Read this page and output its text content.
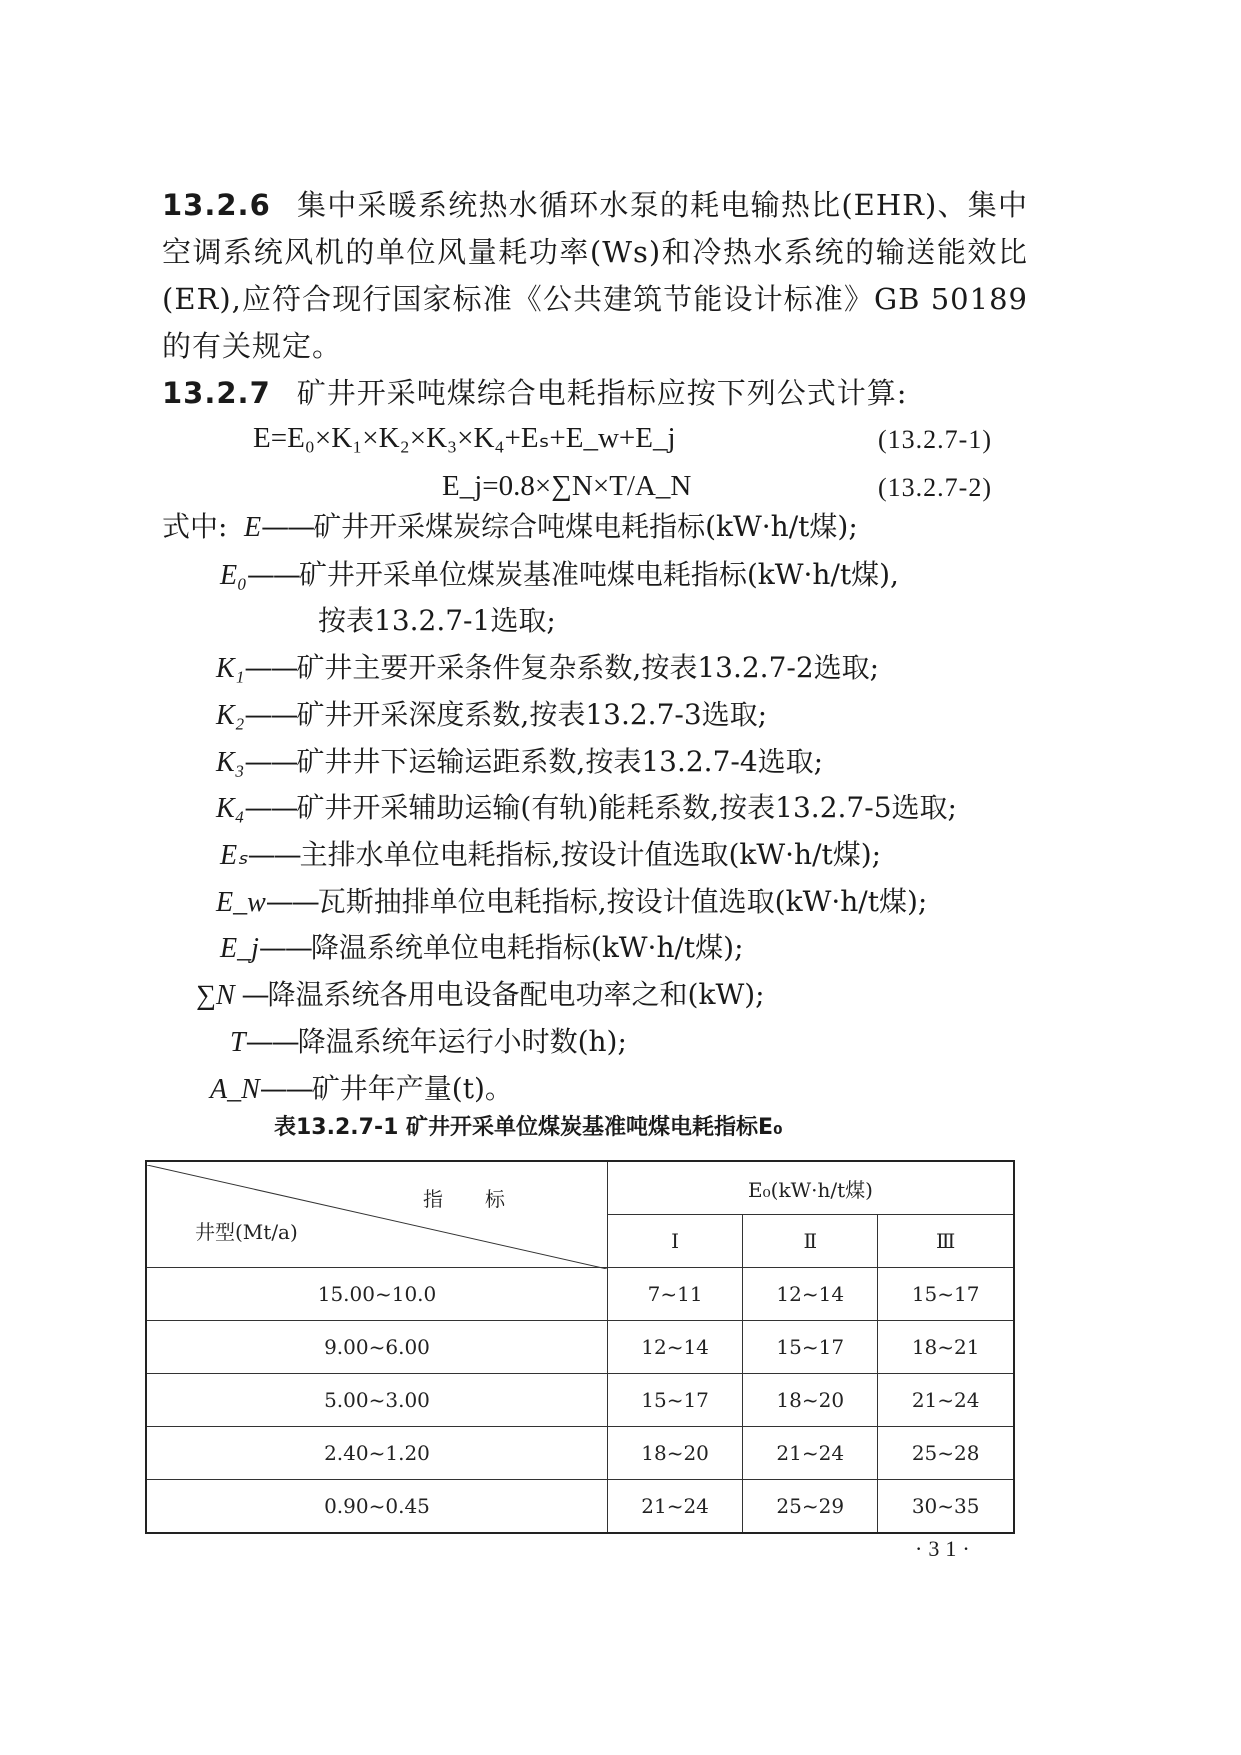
13.2.6 集中采暖系统热水循环水泵的耗电输热比(EHR)、集中空调系统风机的单位风量耗功率(Ws)和冷热水系统的输送能效比(ER),应符合现行国家标准《公共建筑节能设计标准》GB 50189的有关规定。
13.2.7 矿井开采吨煤综合电耗指标应按下列公式计算:
E=E₀×K₁×K₂×K₃×K₄+Eₛ+E_w+E_j	(13.2.7-1)
E_j=0.8×∑N×T/A_N	(13.2.7-2)
式中: E——矿井开采煤炭综合吨煤电耗指标(kW·h/t煤);
E₀——矿井开采单位煤炭基准吨煤电耗指标(kW·h/t煤),
按表13.2.7-1选取;
K₁——矿井主要开采条件复杂系数,按表13.2.7-2选取;
K₂——矿井开采深度系数,按表13.2.7-3选取;
K₃——矿井井下运输运距系数,按表13.2.7-4选取;
K₄——矿井开采辅助运输(有轨)能耗系数,按表13.2.7-5选取;
Eₛ——主排水单位电耗指标,按设计值选取(kW·h/t煤);
E_w——瓦斯抽排单位电耗指标,按设计值选取(kW·h/t煤);
E_j——降温系统单位电耗指标(kW·h/t煤);
∑N —降温系统各用电设备配电功率之和(kW);
T——降温系统年运行小时数(h);
A_N——矿井年产量(t)。
表13.2.7-1 矿井开采单位煤炭基准吨煤电耗指标E₀
指标
井型(Mt/a)	E₀(kW·h/t煤)		
	Ⅰ	Ⅱ	Ⅲ
15.00~10.0	7~11	12~14	15~17
9.00~6.00	12~14	15~17	18~21
5.00~3.00	15~17	18~20	21~24
2.40~1.20	18~20	21~24	25~28
0.90~0.45	21~24	25~29	30~35
·31·
